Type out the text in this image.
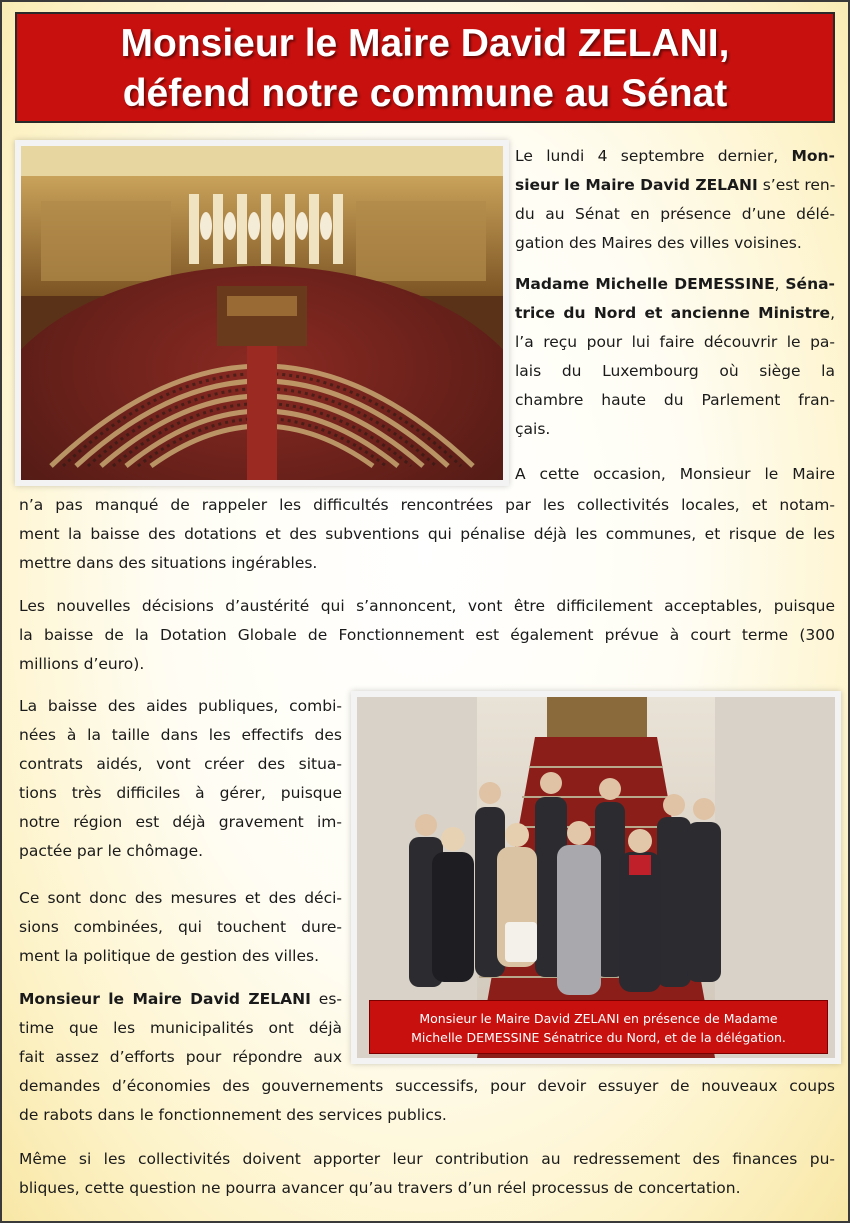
Monsieur le Maire David ZELANI,
défend notre commune au Sénat
Monsieur le Maire David ZELANI en présence de Madame
Michelle DEMESSINE Sénatrice du Nord, et de la délégation.
Le lundi 4 septembre dernier, Mon-
sieur le Maire David ZELANI s’est ren-
du au Sénat en présence d’une délé-
gation des Maires des villes voisines.
Madame Michelle DEMESSINE, Séna-
trice du Nord et ancienne Ministre,
l’a reçu pour lui faire découvrir le pa-
lais du Luxembourg où siège la
chambre haute du Parlement fran-
çais.
A cette occasion, Monsieur le Maire
n’a pas manqué de rappeler les difficultés rencontrées par les collectivités locales, et notam-
ment la baisse des dotations et des subventions qui pénalise déjà les communes, et risque de les
mettre dans des situations ingérables.
Les nouvelles décisions d’austérité qui s’annoncent, vont être difficilement acceptables, puisque
la baisse de la Dotation Globale de Fonctionnement est également prévue à court terme (300
millions d’euro).
La baisse des aides publiques, combi-
nées à la taille dans les effectifs des
contrats aidés, vont créer des situa-
tions très difficiles à gérer, puisque
notre région est déjà gravement im-
pactée par le chômage.
Ce sont donc des mesures et des déci-
sions combinées, qui touchent dure-
ment la politique de gestion des villes.
Monsieur le Maire David ZELANI es-
time que les municipalités ont déjà
fait assez d’efforts pour répondre aux
demandes d’économies des gouvernements successifs, pour devoir essuyer de nouveaux coups
de rabots dans le fonctionnement des services publics.
Même si les collectivités doivent apporter leur contribution au redressement des finances pu-
bliques, cette question ne pourra avancer qu’au travers d’un réel processus de concertation.
